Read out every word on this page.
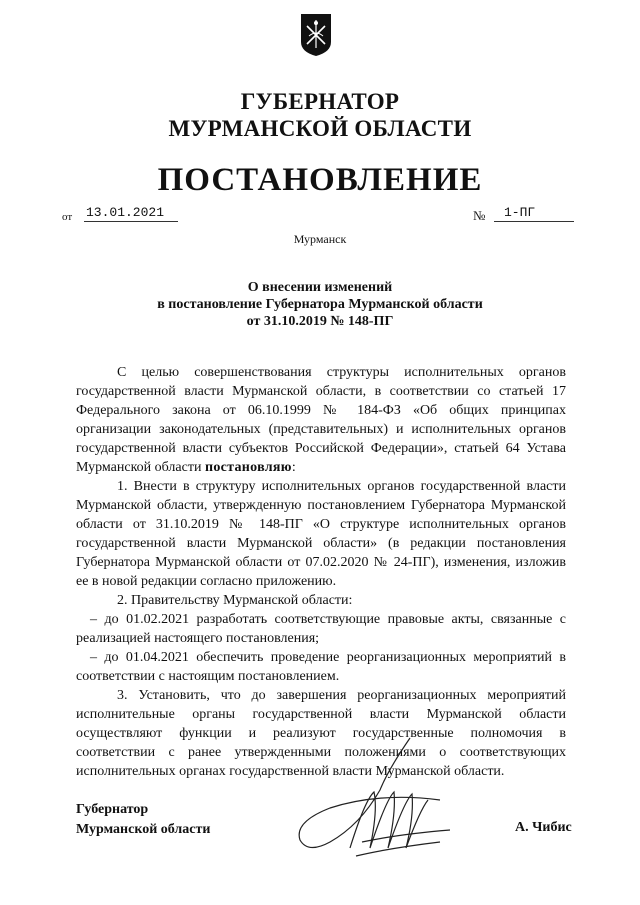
ГУБЕРНАТОР
МУРМАНСКОЙ ОБЛАСТИ
ПОСТАНОВЛЕНИЕ
от 13.01.2021	№	1-ПГ
Мурманск
О внесении изменений
в постановление Губернатора Мурманской области
от 31.10.2019 № 148-ПГ

С целью совершенствования структуры исполнительных органов государственной власти Мурманской области, в соответствии со статьей 17 Федерального закона от 06.10.1999 № 184-ФЗ «Об общих принципах организации законодательных (представительных) и исполнительных органов государственной власти субъектов Российской Федерации», статьей 64 Устава Мурманской области постановляю:

1. Внести в структуру исполнительных органов государственной власти Мурманской области, утвержденную постановлением Губернатора Мурманской области от 31.10.2019 № 148-ПГ «О структуре исполнительных органов государственной власти Мурманской области» (в редакции постановления Губернатора Мурманской области от 07.02.2020 № 24-ПГ), изменения, изложив ее в новой редакции согласно приложению.

2. Правительству Мурманской области:

– до 01.02.2021 разработать соответствующие правовые акты, связанные с реализацией настоящего постановления;

– до 01.04.2021 обеспечить проведение реорганизационных мероприятий в соответствии с настоящим постановлением.

3. Установить, что до завершения реорганизационных мероприятий исполнительные органы государственной власти Мурманской области осуществляют функции и реализуют государственные полномочия в соответствии с ранее утвержденными положениями о соответствующих исполнительных органах государственной власти Мурманской области.

Губернатор
Мурманской области	А. Чибис
